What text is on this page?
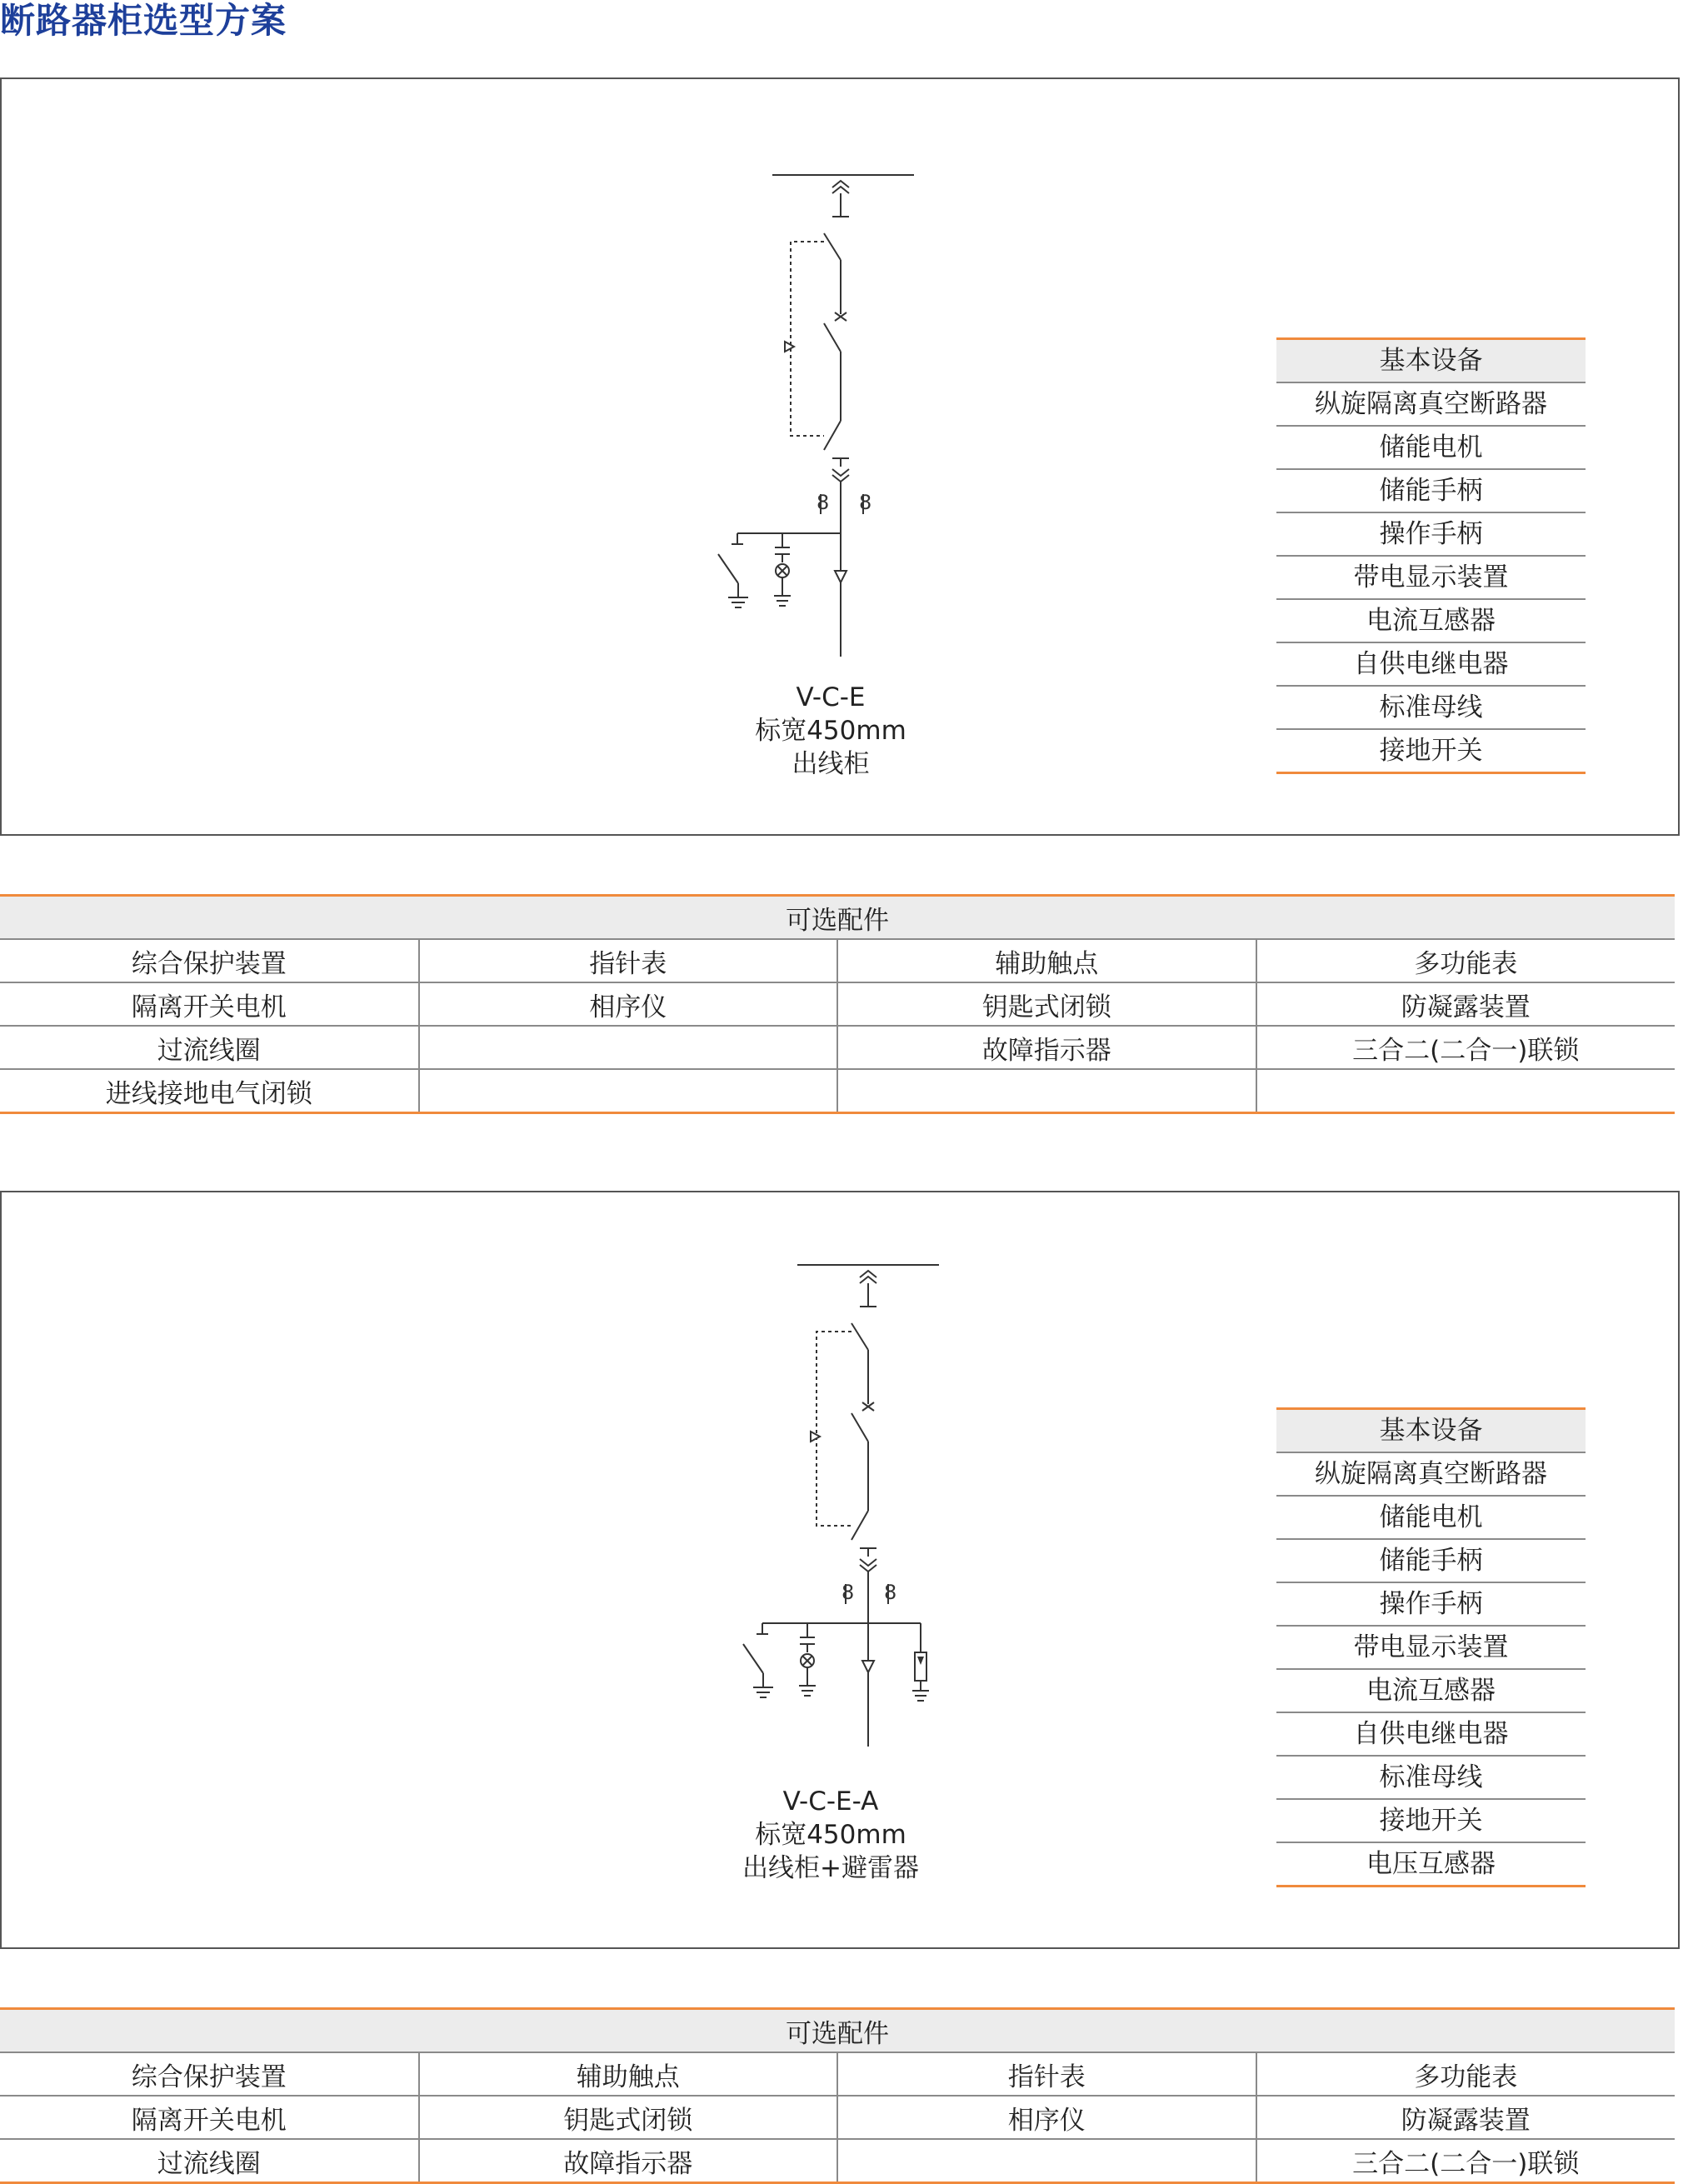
断路器柜选型方案
8 8
V-C-E
标宽450mm
出线柜
基本设备
纵旋隔离真空断路器
储能电机
储能手柄
操作手柄
带电显示装置
电流互感器
自供电继电器
标准母线
接地开关
可选配件			
综合保护装置	指针表	辅助触点	多功能表
隔离开关电机	相序仪	钥匙式闭锁	防凝露装置
过流线圈		故障指示器	三合二(二合一)联锁
进线接地电气闭锁			
8 8
V-C-E-A
标宽450mm
出线柜+避雷器
基本设备
纵旋隔离真空断路器
储能电机
储能手柄
操作手柄
带电显示装置
电流互感器
自供电继电器
标准母线
接地开关
电压互感器
可选配件			
综合保护装置	辅助触点	指针表	多功能表
隔离开关电机	钥匙式闭锁	相序仪	防凝露装置
过流线圈	故障指示器		三合二(二合一)联锁
